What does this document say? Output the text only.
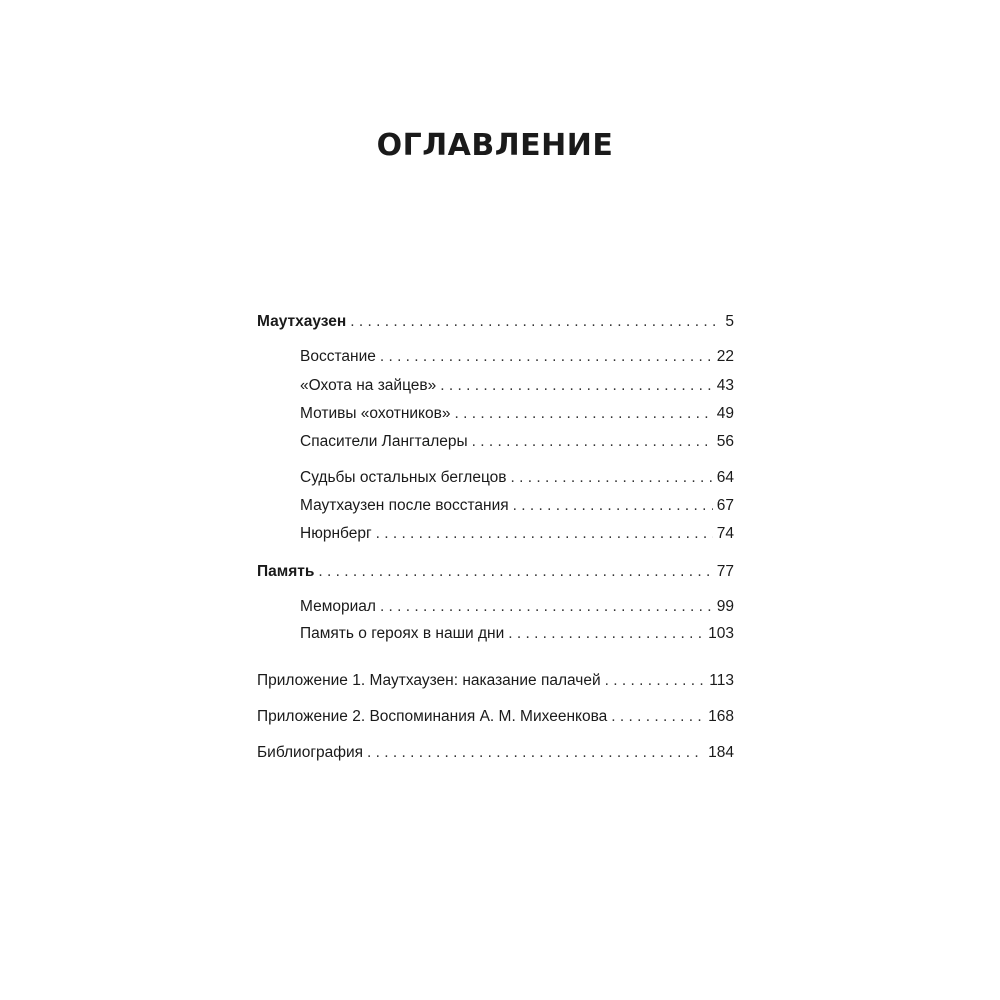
ОГЛАВЛЕНИЕ
Маутхаузен . . .	5
Восстание . . .	22
«Охота на зайцев» . . .	43
Мотивы «охотников» . . .	49
Спасители Лангталеры . . .	56
Судьбы остальных беглецов . . .	64
Маутхаузен после восстания . . .	67
Нюрнберг . . .	74
Память . . .	77
Мемориал . . .	99
Память о героях в наши дни . . .	103
Приложение 1. Маутхаузен: наказание палачей . . .	113
Приложение 2. Воспоминания А. М. Михеенкова . . .	168
Библиография . . .	184
